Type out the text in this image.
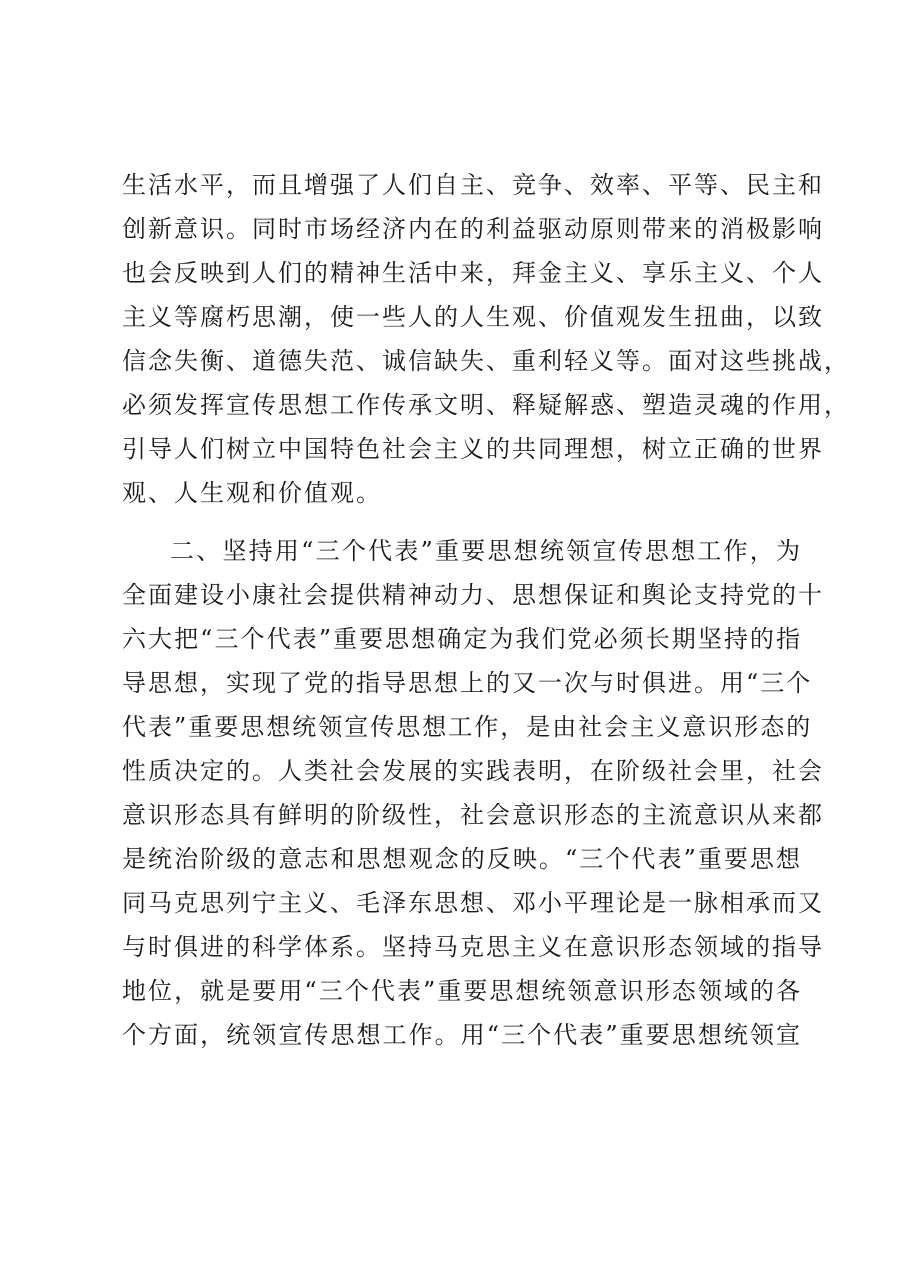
生活水平，而且增强了人们自主、竞争、效率、平等、民主和
创新意识。同时市场经济内在的利益驱动原则带来的消极影响
也会反映到人们的精神生活中来，拜金主义、享乐主义、个人
主义等腐朽思潮，使一些人的人生观、价值观发生扭曲，以致
信念失衡、道德失范、诚信缺失、重利轻义等。面对这些挑战，
必须发挥宣传思想工作传承文明、释疑解惑、塑造灵魂的作用，
引导人们树立中国特色社会主义的共同理想，树立正确的世界
观、人生观和价值观。
二、坚持用“三个代表”重要思想统领宣传思想工作，为
全面建设小康社会提供精神动力、思想保证和舆论支持党的十
六大把“三个代表”重要思想确定为我们党必须长期坚持的指
导思想，实现了党的指导思想上的又一次与时俱进。用“三个
代表”重要思想统领宣传思想工作，是由社会主义意识形态的
性质决定的。人类社会发展的实践表明，在阶级社会里，社会
意识形态具有鲜明的阶级性，社会意识形态的主流意识从来都
是统治阶级的意志和思想观念的反映。“三个代表”重要思想
同马克思列宁主义、毛泽东思想、邓小平理论是一脉相承而又
与时俱进的科学体系。坚持马克思主义在意识形态领域的指导
地位，就是要用“三个代表”重要思想统领意识形态领域的各
个方面，统领宣传思想工作。用“三个代表”重要思想统领宣
